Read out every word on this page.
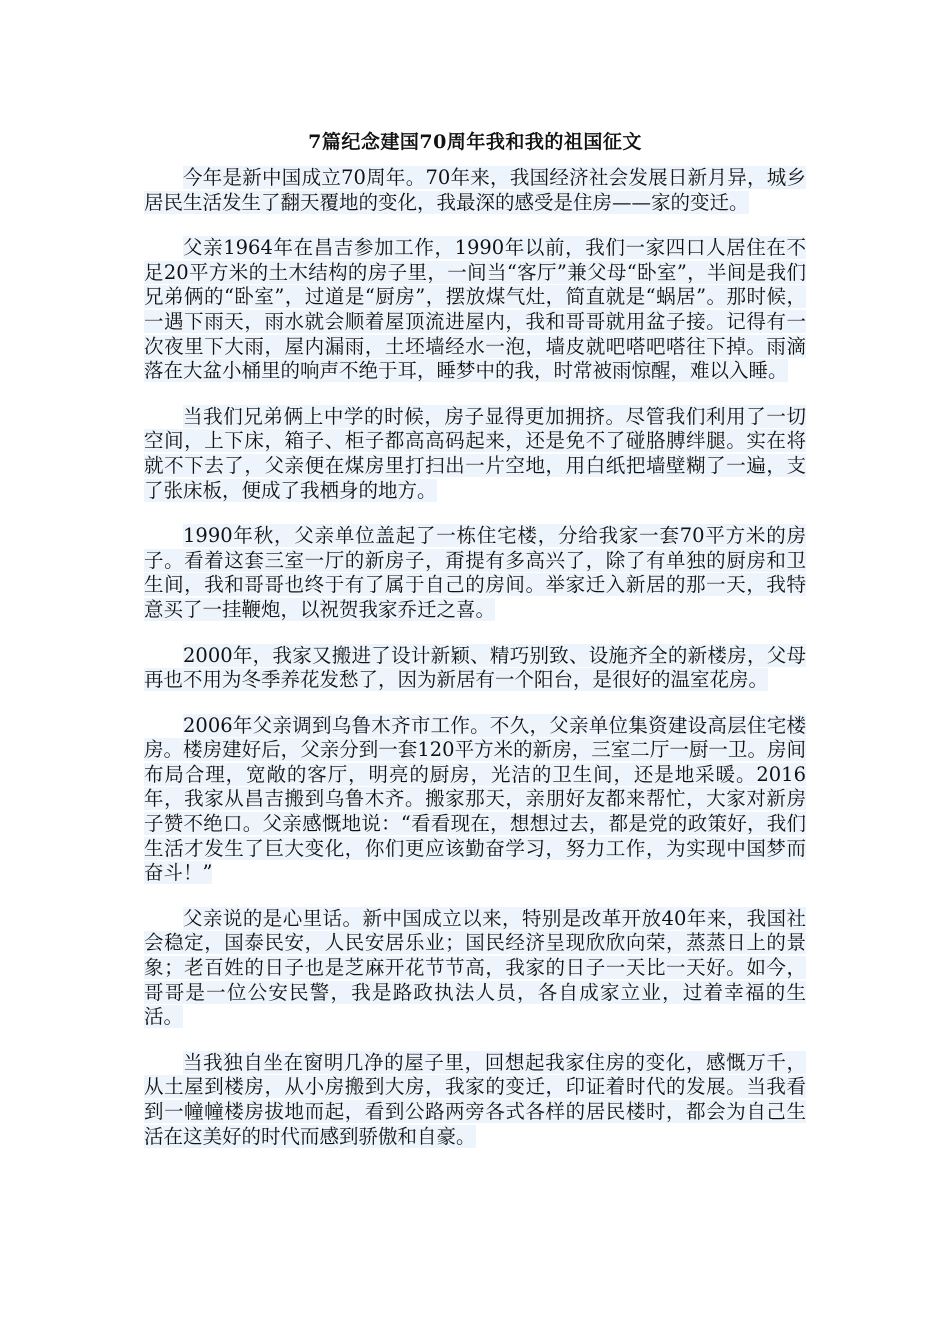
7篇纪念建国70周年我和我的祖国征文

今年是新中国成立70周年。70年来，我国经济社会发展日新月异，城乡居民生活发生了翻天覆地的变化，我最深的感受是住房——家的变迁。

父亲1964年在昌吉参加工作，1990年以前，我们一家四口人居住在不足20平方米的土木结构的房子里，一间当“客厅”兼父母“卧室”，半间是我们兄弟俩的“卧室”，过道是“厨房”，摆放煤气灶，简直就是“蜗居”。那时候，一遇下雨天，雨水就会顺着屋顶流进屋内，我和哥哥就用盆子接。记得有一次夜里下大雨，屋内漏雨，土坯墙经水一泡，墙皮就吧嗒吧嗒往下掉。雨滴落在大盆小桶里的响声不绝于耳，睡梦中的我，时常被雨惊醒，难以入睡。

当我们兄弟俩上中学的时候，房子显得更加拥挤。尽管我们利用了一切空间，上下床，箱子、柜子都高高码起来，还是免不了碰胳膊绊腿。实在将就不下去了，父亲便在煤房里打扫出一片空地，用白纸把墙壁糊了一遍，支了张床板，便成了我栖身的地方。

1990年秋，父亲单位盖起了一栋住宅楼，分给我家一套70平方米的房子。看着这套三室一厅的新房子，甭提有多高兴了，除了有单独的厨房和卫生间，我和哥哥也终于有了属于自己的房间。举家迁入新居的那一天，我特意买了一挂鞭炮，以祝贺我家乔迁之喜。

2000年，我家又搬进了设计新颖、精巧别致、设施齐全的新楼房，父母再也不用为冬季养花发愁了，因为新居有一个阳台，是很好的温室花房。

2006年父亲调到乌鲁木齐市工作。不久，父亲单位集资建设高层住宅楼房。楼房建好后，父亲分到一套120平方米的新房，三室二厅一厨一卫。房间布局合理，宽敞的客厅，明亮的厨房，光洁的卫生间，还是地采暖。2016年，我家从昌吉搬到乌鲁木齐。搬家那天，亲朋好友都来帮忙，大家对新房子赞不绝口。父亲感慨地说：“看看现在，想想过去，都是党的政策好，我们生活才发生了巨大变化，你们更应该勤奋学习，努力工作，为实现中国梦而奋斗！”

父亲说的是心里话。新中国成立以来，特别是改革开放40年来，我国社会稳定，国泰民安，人民安居乐业；国民经济呈现欣欣向荣，蒸蒸日上的景象；老百姓的日子也是芝麻开花节节高，我家的日子一天比一天好。如今，哥哥是一位公安民警，我是路政执法人员，各自成家立业，过着幸福的生活。

当我独自坐在窗明几净的屋子里，回想起我家住房的变化，感慨万千，从土屋到楼房，从小房搬到大房，我家的变迁，印证着时代的发展。当我看到一幢幢楼房拔地而起，看到公路两旁各式各样的居民楼时，都会为自己生活在这美好的时代而感到骄傲和自豪。
